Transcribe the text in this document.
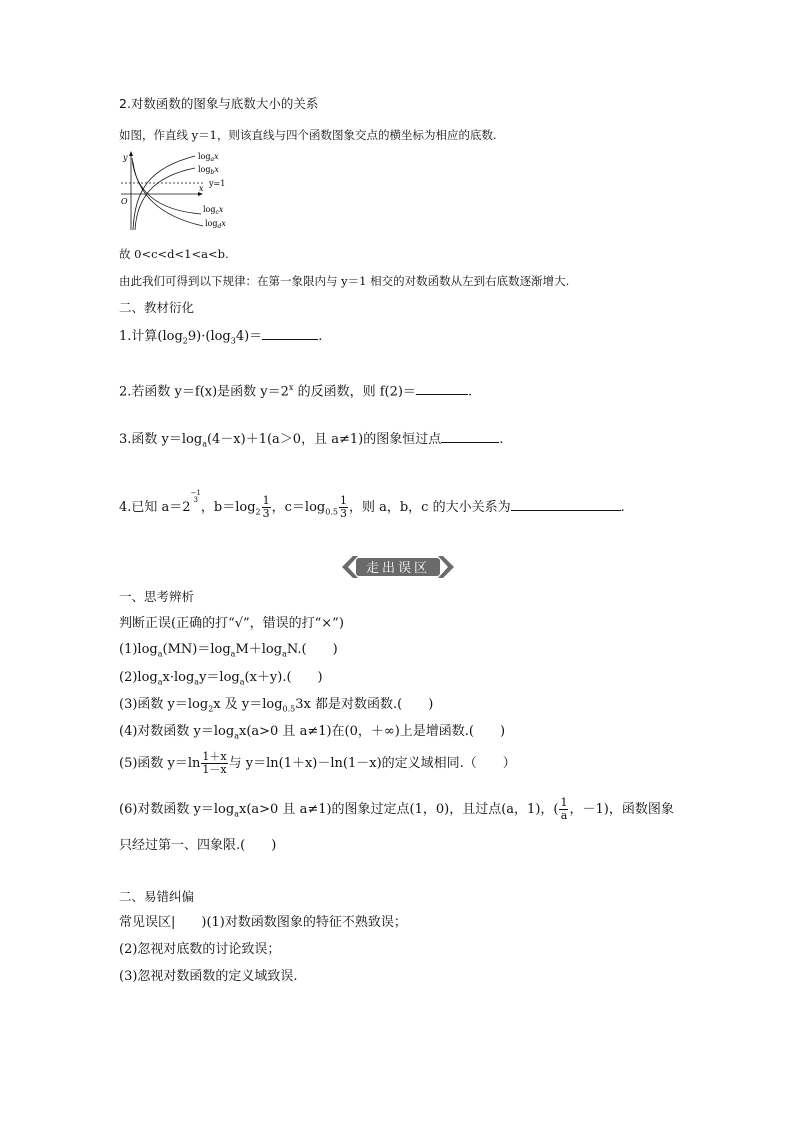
2.对数函数的图象与底数大小的关系
如图，作直线 y＝1，则该直线与四个函数图象交点的横坐标为相应的底数.
y
x
O
y=1
$\log_ax$
$\log_bx$
$\log_cx$
$\log_dx$
故 0<c<d<1<a<b.
由此我们可得到以下规律：在第一象限内与 y＝1 相交的对数函数从左到右底数逐渐增大.
二、教材衍化
1.计算$(\log_29)\cdot(\log_34)=$	.
2.若函数 y＝f(x)是函数 $y=2^x$ 的反函数，则 f(2)＝	.
3.函数 $y=\log_a(4-x)+1(a>0$，且 a≠1)的图象恒过点	.
4.已知 a＝2
−1
3 ，$b=\log_2 \frac{1}{3}$ ，$c=\log_{0.5} \frac{1}{3}$ ，则 a，b，c 的大小关系为	.
走出误区
一、思考辨析
判断正误(正确的打“√”，错误的打“×”)
$(1)\log_a(MN)=\log_aM+\log_aN$.(　　)
$(2)\log_ax\cdot\log_ay=\log_a(x+y)$.(　　)
(3)函数 $y=\log_2x$ 及 $y=\log_{0.5}3x$ 都是对数函数.(　　)
(4)对数函数 $y=\log_ax(a>0$ 且 a≠1)在(0，＋∞)上是增函数.(　　)
(5)函数 $y=\ln \frac{1+x}{1-x}$ 与 y＝ln(1＋x)－ln(1－x)的定义域相同.（　　）
(6)对数函数 $y=\log_ax(a>0$ 且 a≠1)的图象过定点(1，0)，且过点(a，1)，( $\frac{1}{a}$ ，－1)，函数图象
只经过第一、四象限.(　　)
二、易错纠偏
常见误区|　　)(1)对数函数图象的特征不熟致误；
(2)忽视对底数的讨论致误；
(3)忽视对数函数的定义域致误.
